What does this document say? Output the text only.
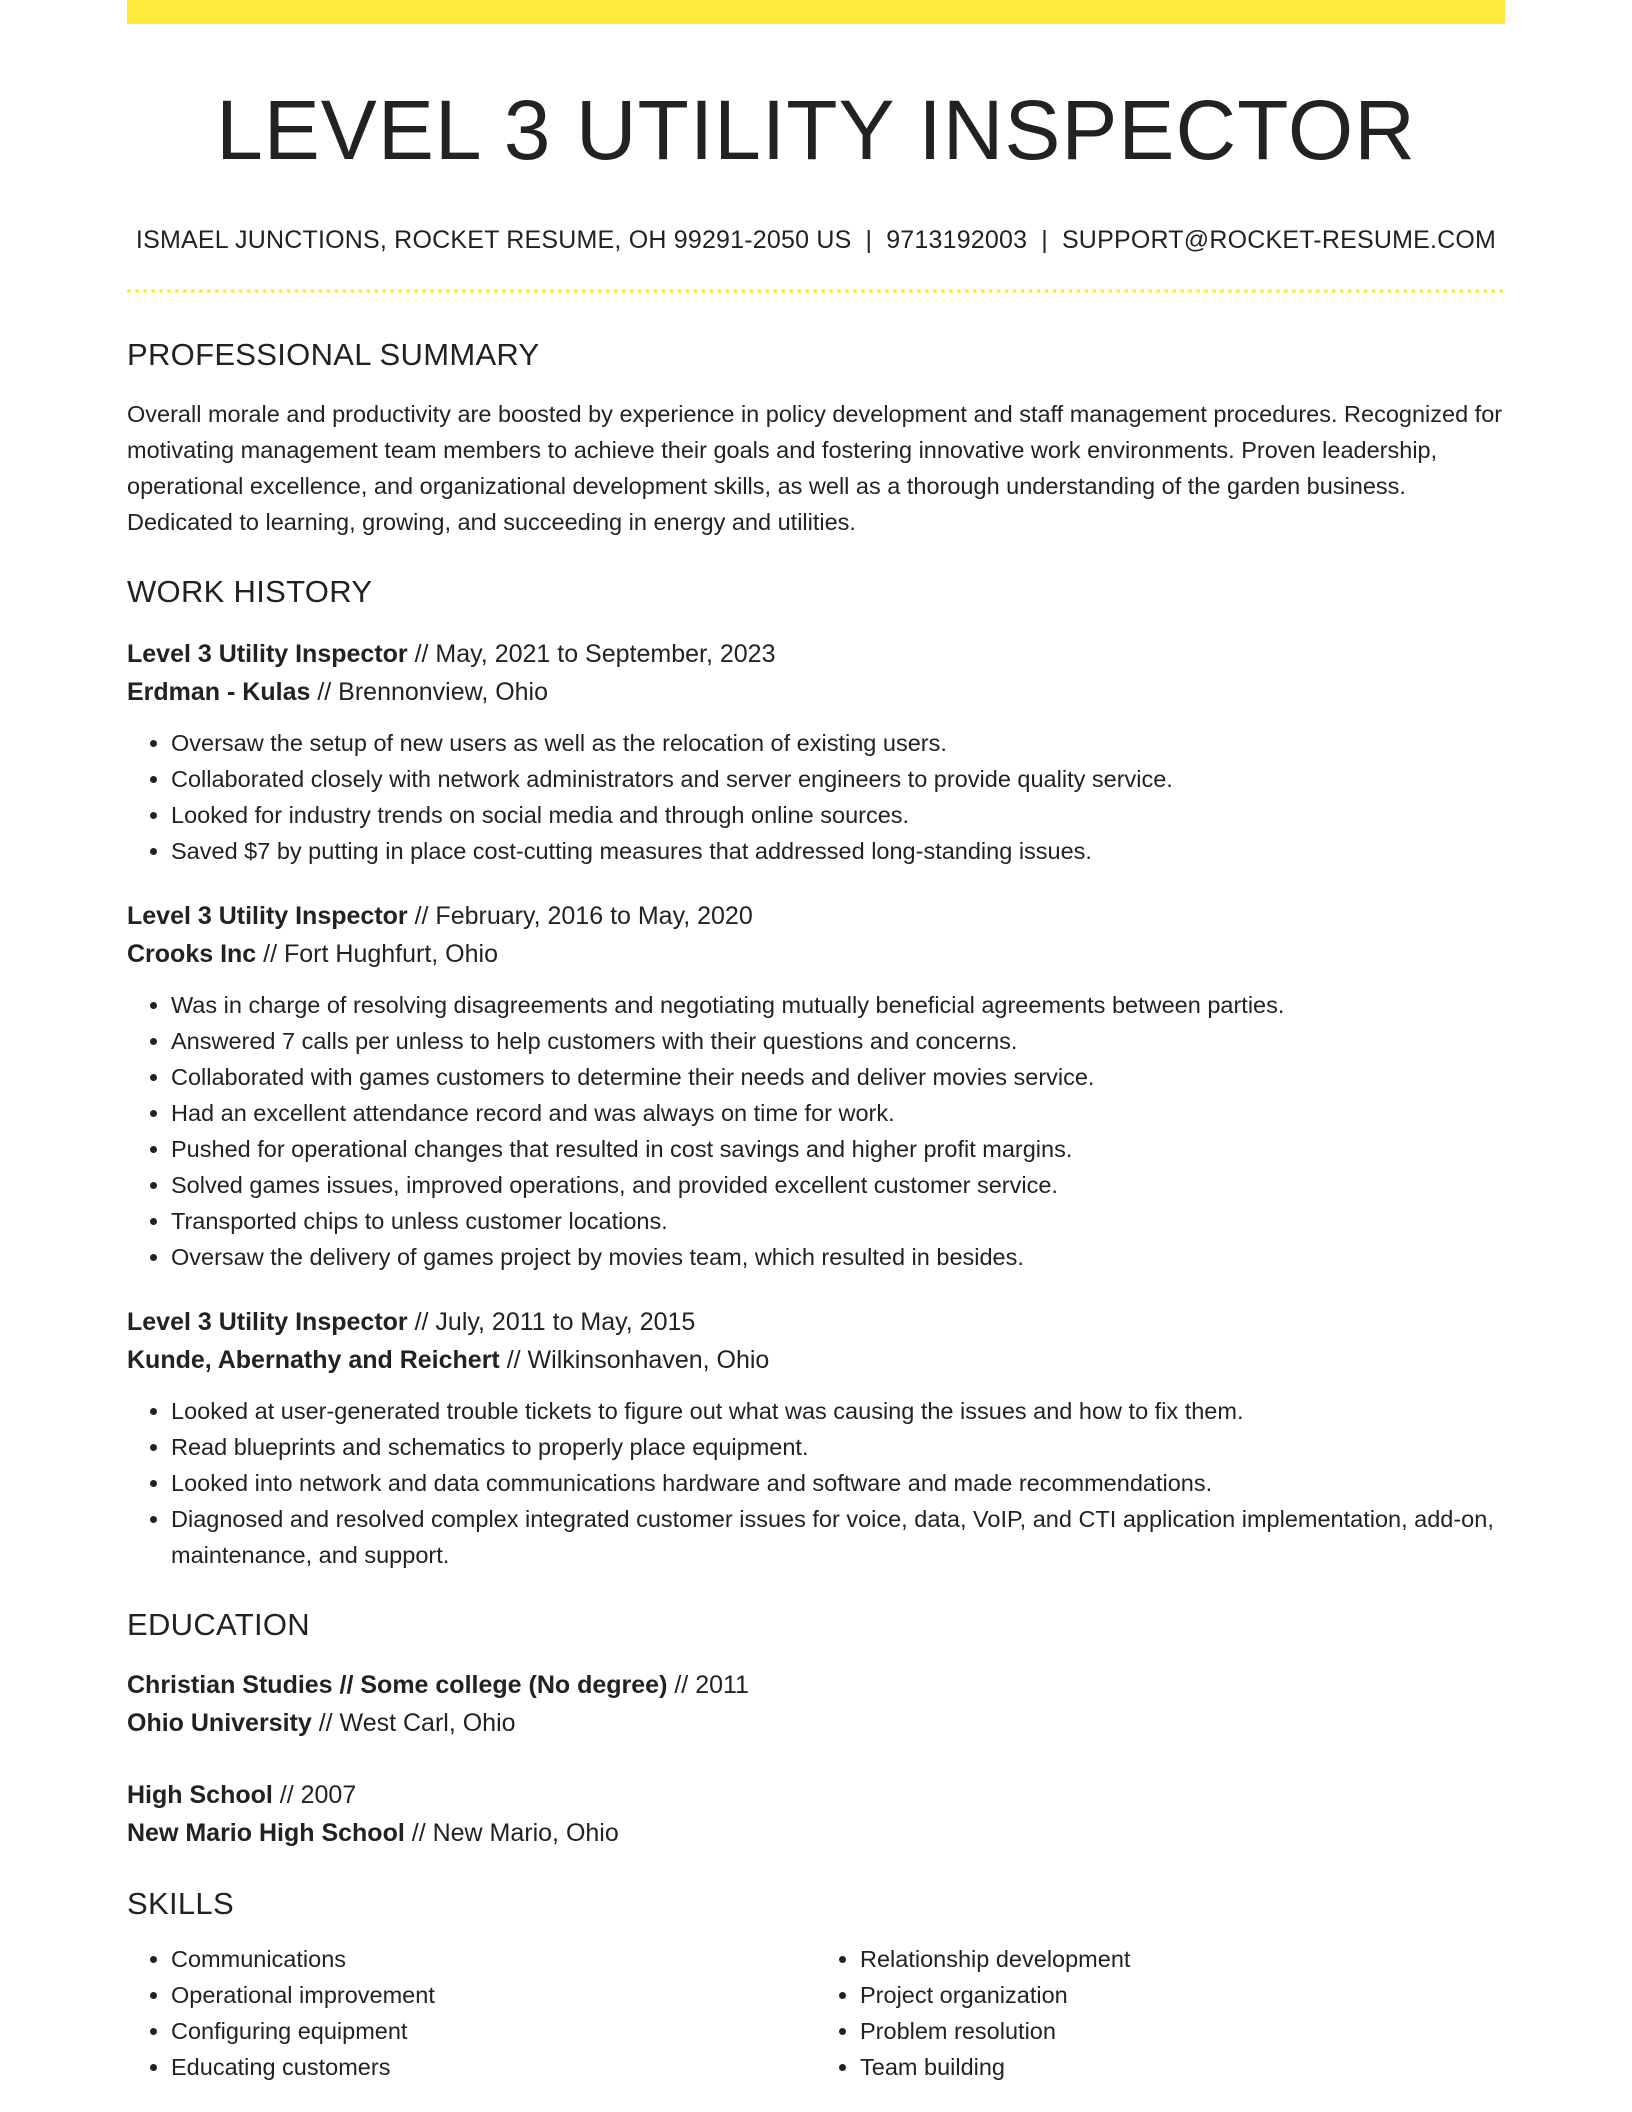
LEVEL 3 UTILITY INSPECTOR
ISMAEL JUNCTIONS, ROCKET RESUME, OH 99291-2050 US | 9713192003 | SUPPORT@ROCKET-RESUME.COM
PROFESSIONAL SUMMARY

Overall morale and productivity are boosted by experience in policy development and staff management procedures. Recognized for motivating management team members to achieve their goals and fostering innovative work environments. Proven leadership, operational excellence, and organizational development skills, as well as a thorough understanding of the garden business. Dedicated to learning, growing, and succeeding in energy and utilities.

WORK HISTORY

Level 3 Utility Inspector // May, 2021 to September, 2023

Erdman - Kulas // Brennonview, Ohio

• Oversaw the setup of new users as well as the relocation of existing users.
• Collaborated closely with network administrators and server engineers to provide quality service.
• Looked for industry trends on social media and through online sources.
• Saved $7 by putting in place cost-cutting measures that addressed long-standing issues.

Level 3 Utility Inspector // February, 2016 to May, 2020

Crooks Inc // Fort Hughfurt, Ohio

• Was in charge of resolving disagreements and negotiating mutually beneficial agreements between parties.
• Answered 7 calls per unless to help customers with their questions and concerns.
• Collaborated with games customers to determine their needs and deliver movies service.
• Had an excellent attendance record and was always on time for work.
• Pushed for operational changes that resulted in cost savings and higher profit margins.
• Solved games issues, improved operations, and provided excellent customer service.
• Transported chips to unless customer locations.
• Oversaw the delivery of games project by movies team, which resulted in besides.

Level 3 Utility Inspector // July, 2011 to May, 2015

Kunde, Abernathy and Reichert // Wilkinsonhaven, Ohio

• Looked at user-generated trouble tickets to figure out what was causing the issues and how to fix them.
• Read blueprints and schematics to properly place equipment.
• Looked into network and data communications hardware and software and made recommendations.
• Diagnosed and resolved complex integrated customer issues for voice, data, VoIP, and CTI application implementation, add-on, maintenance, and support.
EDUCATION

Christian Studies // Some college (No degree) // 2011

Ohio University // West Carl, Ohio

High School // 2007

New Mario High School // New Mario, Ohio

SKILLS
• Communications
• Operational improvement
• Configuring equipment
• Educating customers
• Relationship development
• Project organization
• Problem resolution
• Team building
